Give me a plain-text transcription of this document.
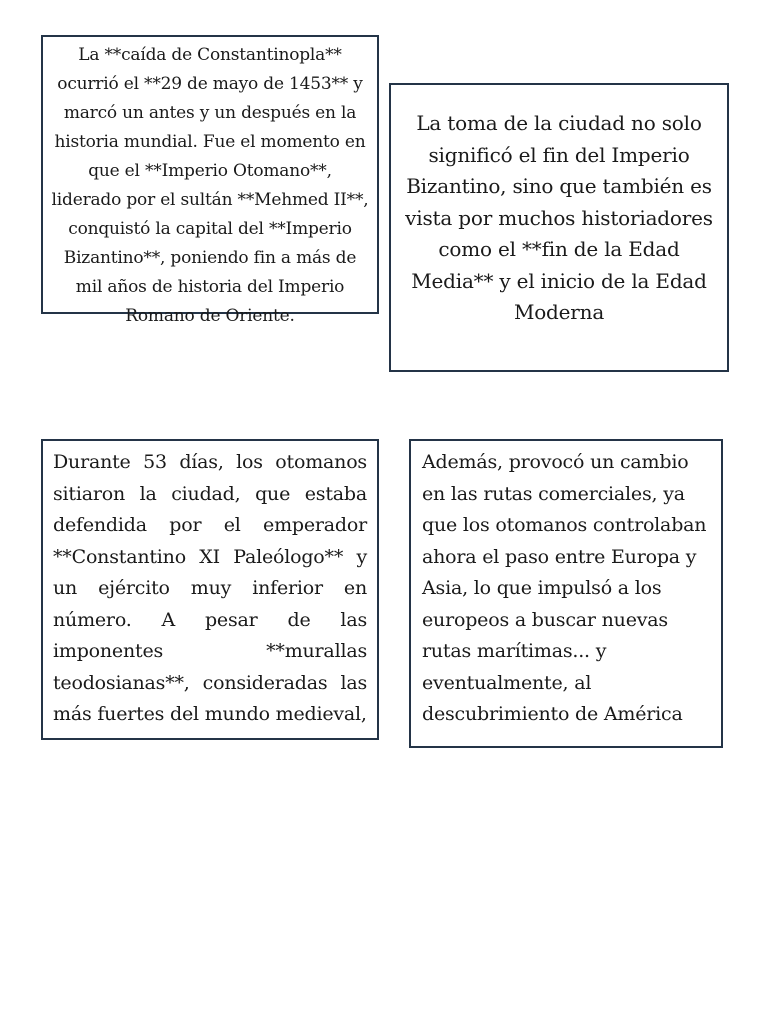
La **caída de Constantinopla** ocurrió el **29 de mayo de 1453** y marcó un antes y un después en la historia mundial. Fue el momento en que el **Imperio Otomano**, liderado por el sultán **Mehmed II**, conquistó la capital del **Imperio Bizantino**, poniendo fin a más de mil años de historia del Imperio Romano de Oriente.

La toma de la ciudad no solo significó el fin del Imperio Bizantino, sino que también es vista por muchos historiadores como el **fin de la Edad Media** y el inicio de la Edad Moderna

Durante 53 días, los otomanos sitiaron la ciudad, que estaba defendida por el emperador **Constantino XI Paleólogo** y un ejército muy inferior en número. A pesar de las imponentes **murallas teodosianas**, consideradas las más fuertes del mundo medieval,

Además, provocó un cambio en las rutas comerciales, ya que los otomanos controlaban ahora el paso entre Europa y Asia, lo que impulsó a los europeos a buscar nuevas rutas marítimas... y eventualmente, al descubrimiento de América
